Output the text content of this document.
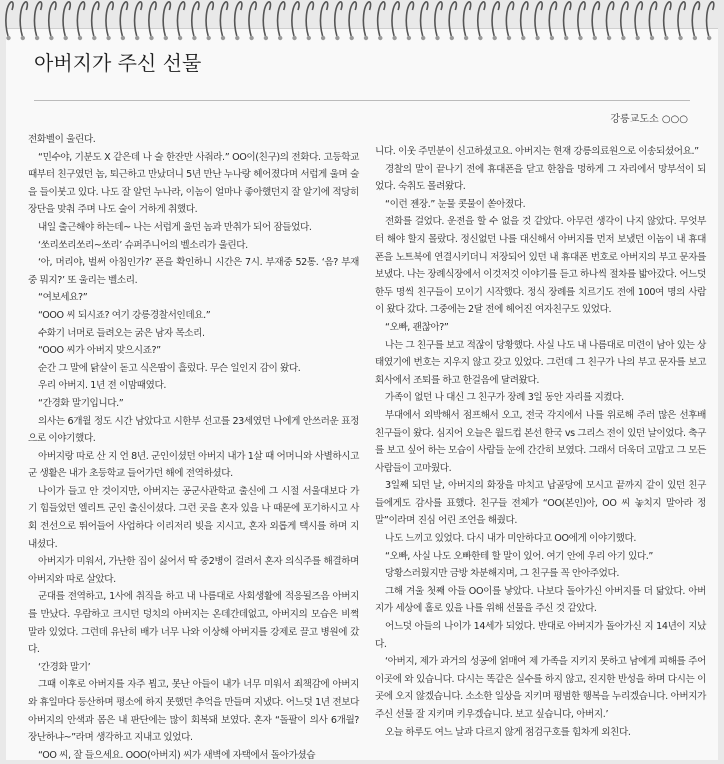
아버지가 주신 선물
강릉교도소 ○○○

전화벨이 울린다.

“민수야, 기분도 X 같은데 나 술 한잔만 사줘라.” OO이(친구)의 전화다. 고등학교 때부터 친구였던 놈, 퇴근하고 만났더니 5년 만난 누나랑 헤어졌다며 서럽게 울며 술을 들이붓고 있다. 나도 잘 알던 누나라, 이놈이 얼마나 좋아했던지 잘 알기에 적당히 장단을 맞춰 주며 나도 술이 거하게 취했다.

내일 출근해야 하는데~ 나는 서럽게 울던 놈과 만취가 되어 잠들었다.

‘쏘리쏘리쏘리~쏘리’ 슈퍼주니어의 벨소리가 울린다.

‘아, 머리야, 벌써 아침인가?’ 폰을 확인하니 시간은 7시. 부재중 52통. ‘음? 부재중 뭐지?’ 또 울리는 벨소리.

“여보세요?”

“OOO 씨 되시죠? 여기 강릉경찰서인데요.”

수화기 너머로 들려오는 굵은 남자 목소리.

“OOO 씨가 아버지 맞으시죠?”

순간 그 말에 닭살이 돋고 식은땀이 흘렀다. 무슨 일인지 감이 왔다.

우리 아버지. 1년 전 이맘때였다.

“간경화 말기입니다.”

의사는 6개월 정도 시간 남았다고 시한부 선고를 23세였던 나에게 안쓰러운 표정으로 이야기했다.

아버지랑 따로 산 지 언 8년. 군인이셨던 아버지 내가 1살 때 어머니와 사별하시고 군 생활은 내가 초등학교 들어가던 해에 전역하셨다.

나이가 들고 안 것이지만, 아버지는 공군사관학교 출신에 그 시절 서울대보다 가기 힘들었던 엘리트 군인 출신이셨다. 그런 곳을 혼자 있을 나 때문에 포기하시고 사회 전선으로 뛰어들어 사업하다 이리저리 빚을 지시고, 혼자 외롭게 택시를 하며 지내셨다.

아버지가 미워서, 가난한 집이 싫어서 딱 중2병이 걸려서 혼자 의식주를 해결하며 아버지와 따로 살았다.

군대를 전역하고, 1사에 취직을 하고 내 나름대로 사회생활에 적응될즈음 아버지를 만났다. 우람하고 크시던 덩치의 아버지는 온데간데없고, 아버지의 모습은 비쩍 말라 있었다. 그런데 유난히 배가 너무 나와 이상해 아버지를 강제로 끌고 병원에 갔다.

‘간경화 말기’

그때 이후로 아버지를 자주 뵙고, 못난 아들이 내가 너무 미워서 죄책감에 아버지와 휴일마다 등산하며 평소에 하지 못했던 추억을 만들며 지냈다. 어느덧 1년 전보다 아버지의 안색과 몸은 내 판단에는 많이 회복돼 보였다. 혼자 “돌팔이 의사 6개월? 장난하냐~”라며 생각하고 지내고 있었다.

“OO 씨, 잘 들으세요. OOO(아버지) 씨가 새벽에 자택에서 돌아가셨습

니다. 이웃 주민분이 신고하셨고요. 아버지는 현재 강릉의료원으로 이송되셨어요.”

경찰의 말이 끝나기 전에 휴대폰을 닫고 한참을 멍하게 그 자리에서 망부석이 되었다. 숙취도 몰려왔다.

“이런 젠장.” 눈물 콧물이 쏟아졌다.

전화를 걸었다. 운전을 할 수 없을 것 같았다. 아무런 생각이 나지 않았다. 무엇부터 해야 할지 몰랐다. 정신없던 나를 대신해서 아버지를 먼저 보냈던 이놈이 내 휴대폰을 노트북에 연결시키더니 저장되어 있던 내 휴대폰 번호로 아버지의 부고 문자를 보냈다. 나는 장례식장에서 이것저것 이야기를 듣고 하나씩 절차를 밟아갔다. 어느덧 한두 명씩 친구들이 모이기 시작했다. 정식 장례를 치르기도 전에 100여 명의 사람이 왔다 갔다. 그중에는 2달 전에 헤어진 여자친구도 있었다.

“오빠, 괜찮아?”

나는 그 친구를 보고 적잖이 당황했다. 사실 나도 내 나름대로 미련이 남아 있는 상태였기에 번호는 지우지 않고 갖고 있었다. 그런데 그 친구가 나의 부고 문자를 보고 회사에서 조퇴를 하고 한걸음에 달려왔다.

가족이 없던 나 대신 그 친구가 장례 3일 동안 자리를 지켰다.

부대에서 외박해서 점프해서 오고, 전국 각지에서 나를 위로해 주러 많은 선후배 친구들이 왔다. 심지어 오늘은 월드컵 본선 한국 vs 그리스 전이 있던 날이었다. 축구를 보고 싶어 하는 모습이 사람들 눈에 간간히 보였다. 그래서 더욱더 고맙고 그 모든 사람들이 고마웠다.

3일째 되던 날, 아버지의 화장을 마치고 납골당에 모시고 끝까지 같이 있던 친구들에게도 감사를 표했다. 친구들 전체가 “OO(본인)아, OO 씨 놓치지 말아라 정말”이라며 진심 어린 조언을 해줬다.

나도 느끼고 있었다. 다시 내가 미안하다고 OO에게 이야기했다.

“오빠, 사실 나도 오빠한테 할 말이 있어. 여기 안에 우리 아기 있다.”

당황스러웠지만 금방 차분해지며, 그 친구를 꼭 안아주었다.

그해 겨울 첫째 아들 OO이를 낳았다. 나보다 돌아가신 아버지를 더 닮았다. 아버지가 세상에 홀로 있을 나를 위해 선물을 주신 것 같았다.

어느덧 아들의 나이가 14세가 되었다. 반대로 아버지가 돌아가신 지 14년이 지났다.

‘아버지, 제가 과거의 성공에 얽매여 제 가족을 지키지 못하고 남에게 피해를 주어 이곳에 와 있습니다. 다시는 똑같은 실수를 하지 않고, 진지한 반성을 하며 다시는 이곳에 오지 않겠습니다. 소소한 일상을 지키며 평범한 행복을 누리겠습니다. 아버지가 주신 선물 잘 지키며 키우겠습니다. 보고 싶습니다, 아버지.’

오늘 하루도 여느 날과 다르지 않게 점검구호를 힘차게 외친다.
